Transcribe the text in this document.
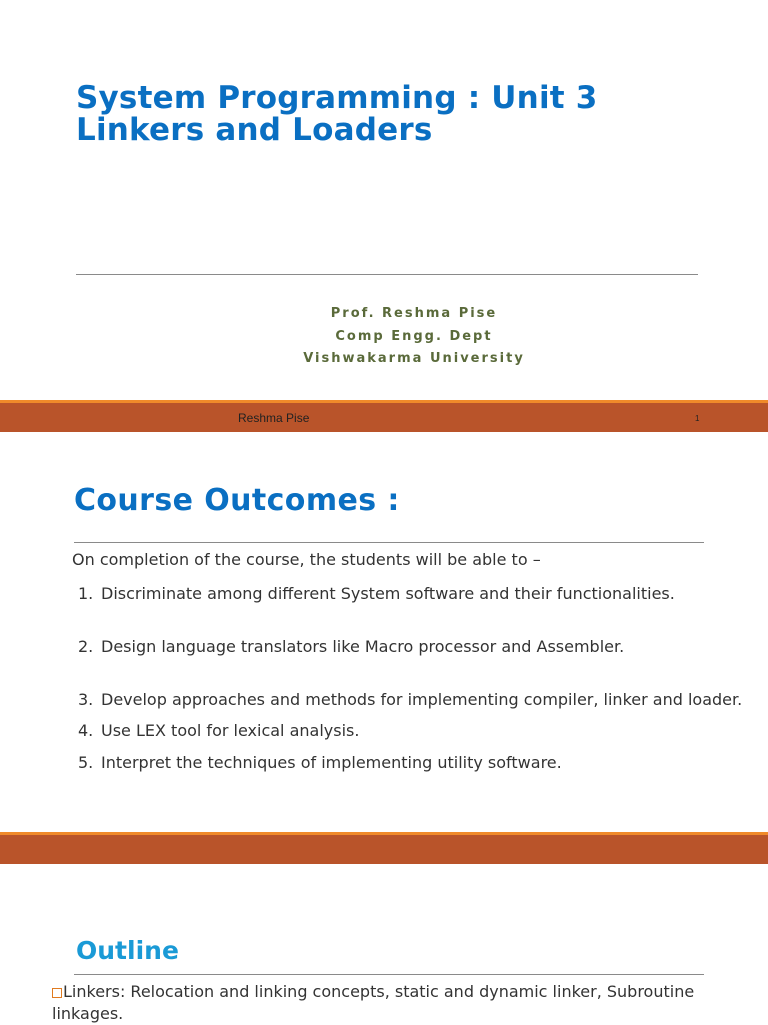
System Programming : Unit 3
Linkers and Loaders
Prof. Reshma Pise
Comp Engg. Dept
Vishwakarma University
Reshma Pise	1
Course Outcomes :
On completion of the course, the students will be able to –
1. Discriminate among different System software and their functionalities.
2. Design language translators like Macro processor and Assembler.
3. Develop approaches and methods for implementing compiler, linker and loader.
4. Use LEX tool for lexical analysis.
5. Interpret the techniques of implementing utility software.
Outline

Linkers: Relocation and linking concepts, static and dynamic linker, Subroutine linkages.
